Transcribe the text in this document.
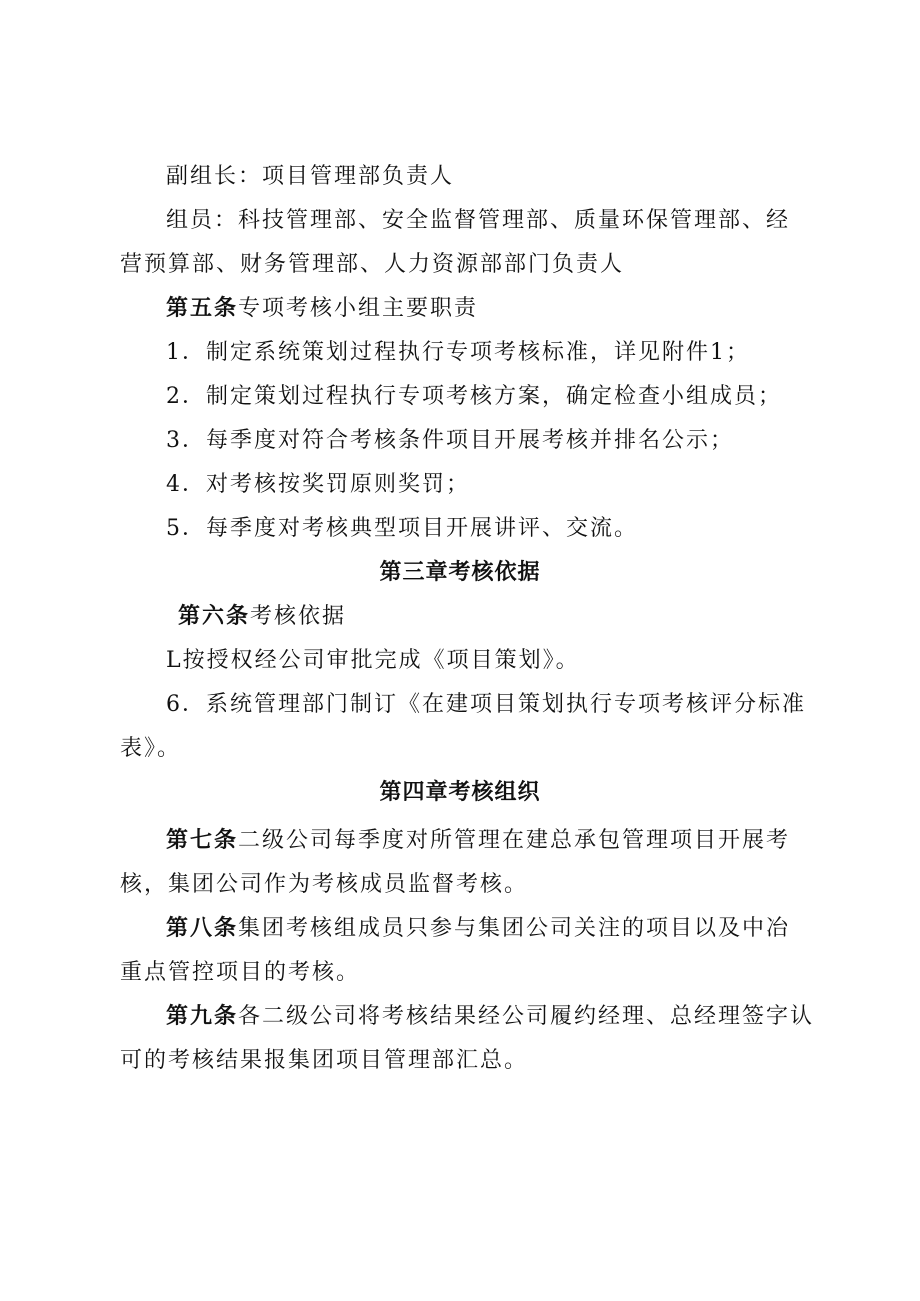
副组长：项目管理部负责人
组员：科技管理部、安全监督管理部、质量环保管理部、经
营预算部、财务管理部、人力资源部部门负责人
第五条专项考核小组主要职责
1．制定系统策划过程执行专项考核标准，详见附件1；
2．制定策划过程执行专项考核方案，确定检查小组成员；
3．每季度对符合考核条件项目开展考核并排名公示；
4．对考核按奖罚原则奖罚；
5．每季度对考核典型项目开展讲评、交流。
第三章考核依据
第六条考核依据
L按授权经公司审批完成《项目策划》。
6．系统管理部门制订《在建项目策划执行专项考核评分标准
表》。
第四章考核组织
第七条二级公司每季度对所管理在建总承包管理项目开展考
核，集团公司作为考核成员监督考核。
第八条集团考核组成员只参与集团公司关注的项目以及中冶
重点管控项目的考核。
第九条各二级公司将考核结果经公司履约经理、总经理签字认
可的考核结果报集团项目管理部汇总。
